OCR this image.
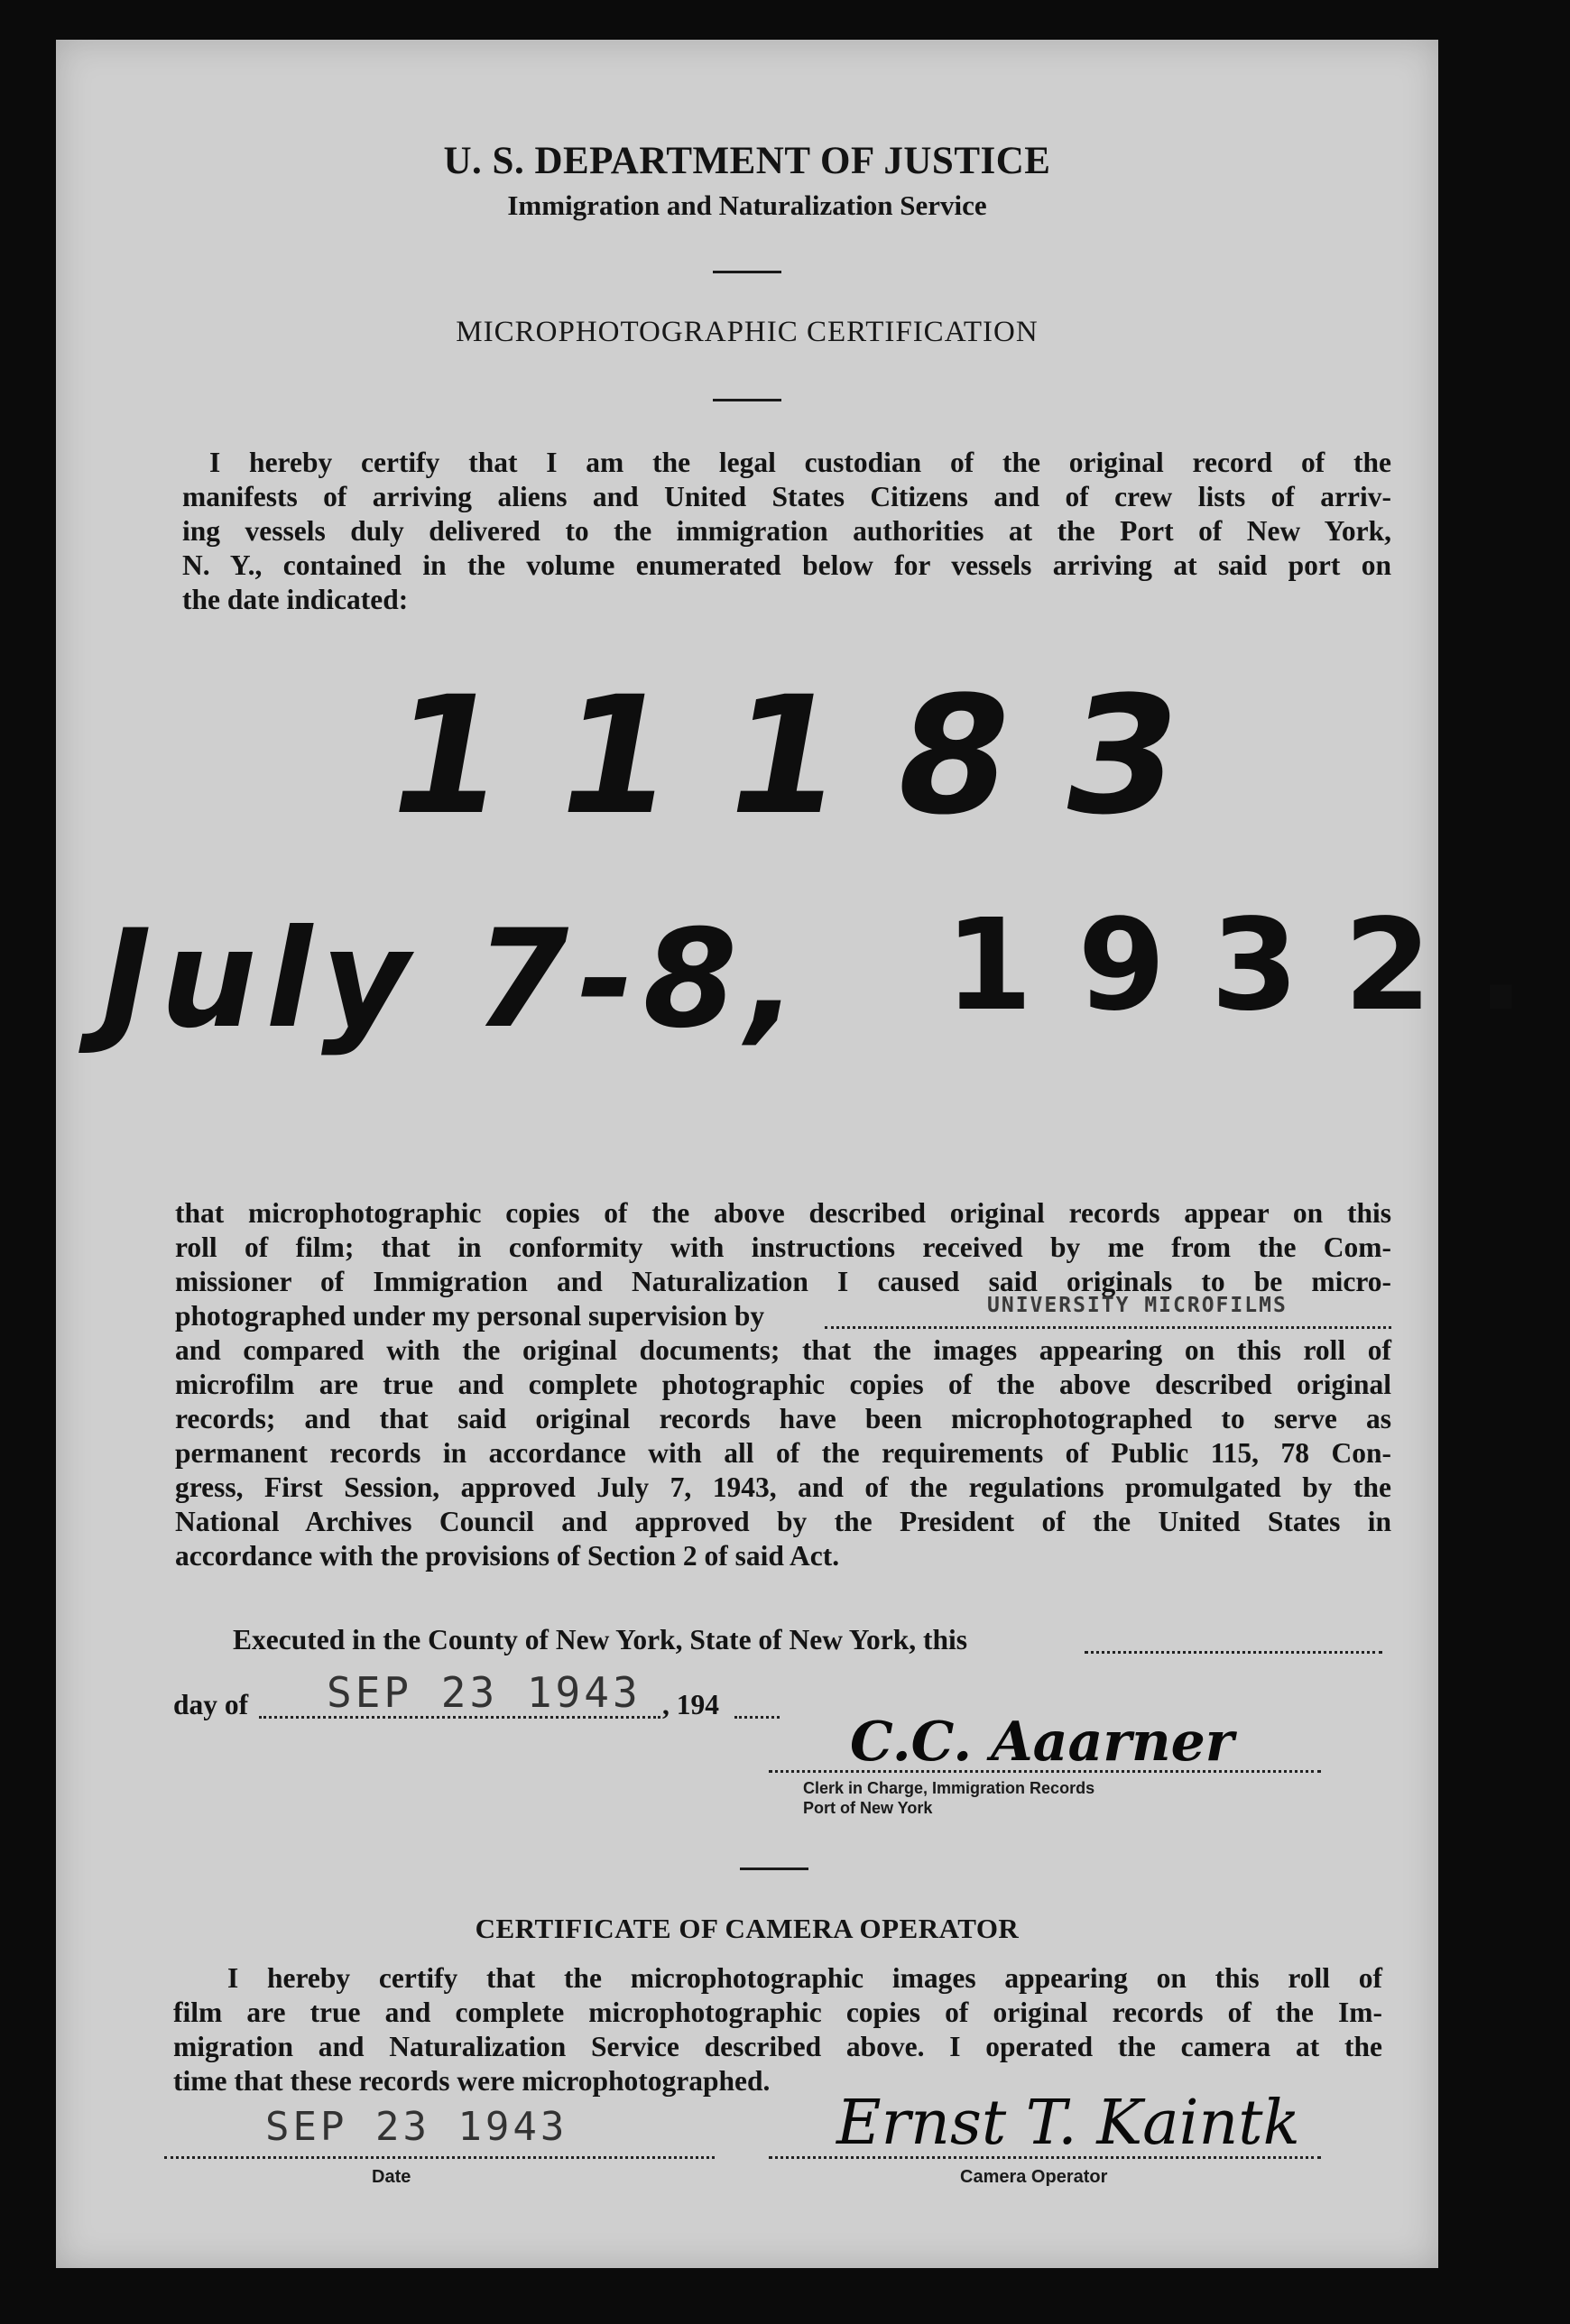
U. S. DEPARTMENT OF JUSTICE
Immigration and Naturalization Service
MICROPHOTOGRAPHIC CERTIFICATION

I hereby certify that I am the legal custodian of the original record of the

manifests of arriving aliens and United States Citizens and of crew lists of arriv-

ing vessels duly delivered to the immigration authorities at the Port of New York,

N. Y., contained in the volume enumerated below for vessels arriving at said port on

the date indicated:

11183
July 7-8, 1932.

that microphotographic copies of the above described original records appear on this

roll of film; that in conformity with instructions received by me from the Com-

missioner of Immigration and Naturalization I caused said originals to be micro-

photographed under my personal supervision by	UNIVERSITY MICROFILMS

and compared with the original documents; that the images appearing on this roll of

microfilm are true and complete photographic copies of the above described original

records; and that said original records have been microphotographed to serve as

permanent records in accordance with all of the requirements of Public 115, 78 Con-

gress, First Session, approved July 7, 1943, and of the regulations promulgated by the

National Archives Council and approved by the President of the United States in

accordance with the provisions of Section 2 of said Act.

Executed in the County of New York, State of New York, this
day of SEP 23 1943 , 194
C.C. Aaarner
Clerk in Charge, Immigration Records
Port of New York
CERTIFICATE OF CAMERA OPERATOR

I hereby certify that the microphotographic images appearing on this roll of

film are true and complete microphotographic copies of original records of the Im-

migration and Naturalization Service described above. I operated the camera at the

time that these records were microphotographed.

SEP 23 1943
Date
Ernst T. Kaintk
Camera Operator
